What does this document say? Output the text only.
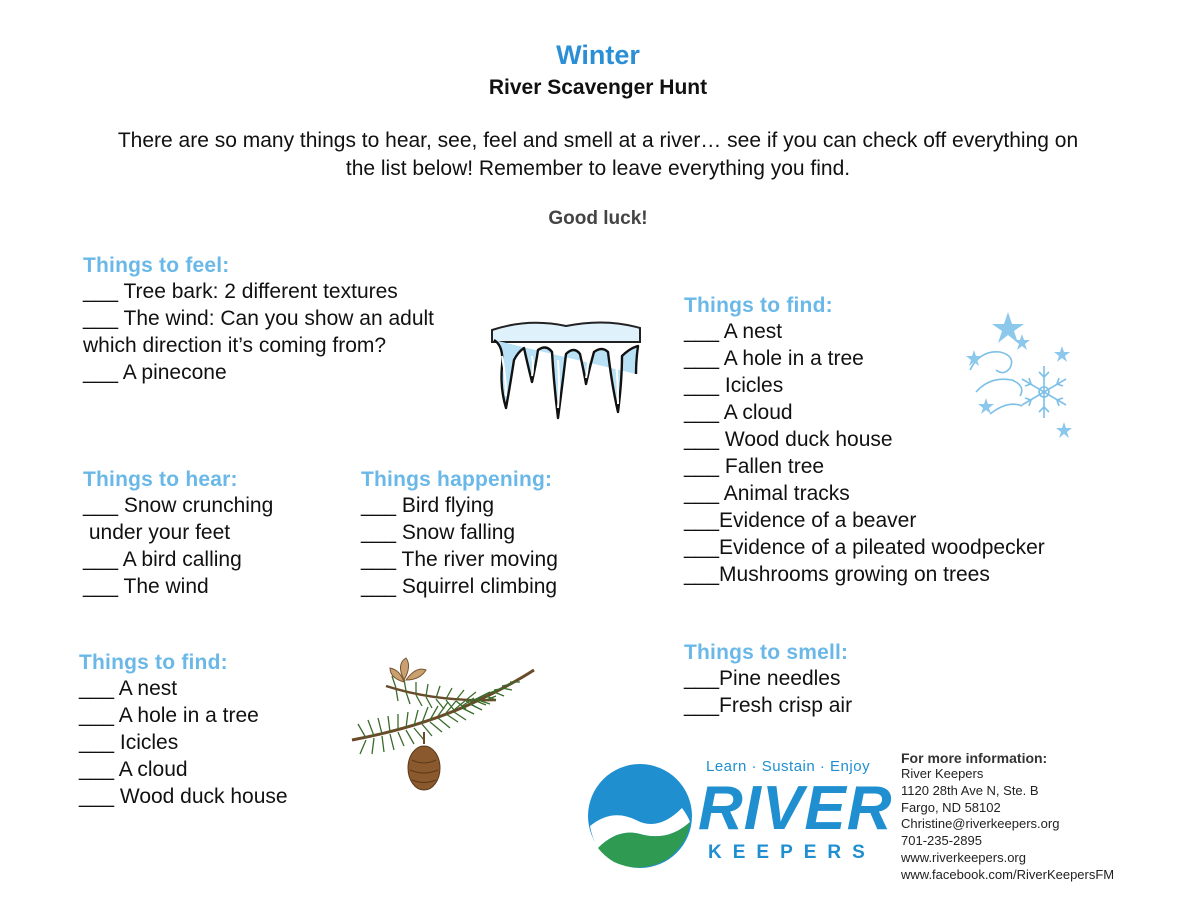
Winter
River Scavenger Hunt
There are so many things to hear, see, feel and smell at a river… see if you can check off everything on the list below! Remember to leave everything you find.
Good luck!
Things to feel:
___ Tree bark: 2 different textures
___ The wind: Can you show an adult which direction it’s coming from?
___ A pinecone
Things to hear:
___ Snow crunching
under your feet
___ A bird calling
___ The wind
Things happening:
___ Bird flying
___ Snow falling
___ The river moving
___ Squirrel climbing
Things to find:
___ A nest
___ A hole in a tree
___ Icicles
___ A cloud
___ Wood duck house
Things to find:
___ A nest
___ A hole in a tree
___ Icicles
___ A cloud
___ Wood duck house
___ Fallen tree
___ Animal tracks
___Evidence of a beaver
___Evidence of a pileated woodpecker
___Mushrooms growing on trees
Things to smell:
___Pine needles
___Fresh crisp air
Learn · Sustain · Enjoy
RIVER
KEEPERS
For more information:
River Keepers
1120 28th Ave N, Ste. B
Fargo, ND 58102
Christine@riverkeepers.org
701-235-2895
www.riverkeepers.org
www.facebook.com/RiverKeepersFM
